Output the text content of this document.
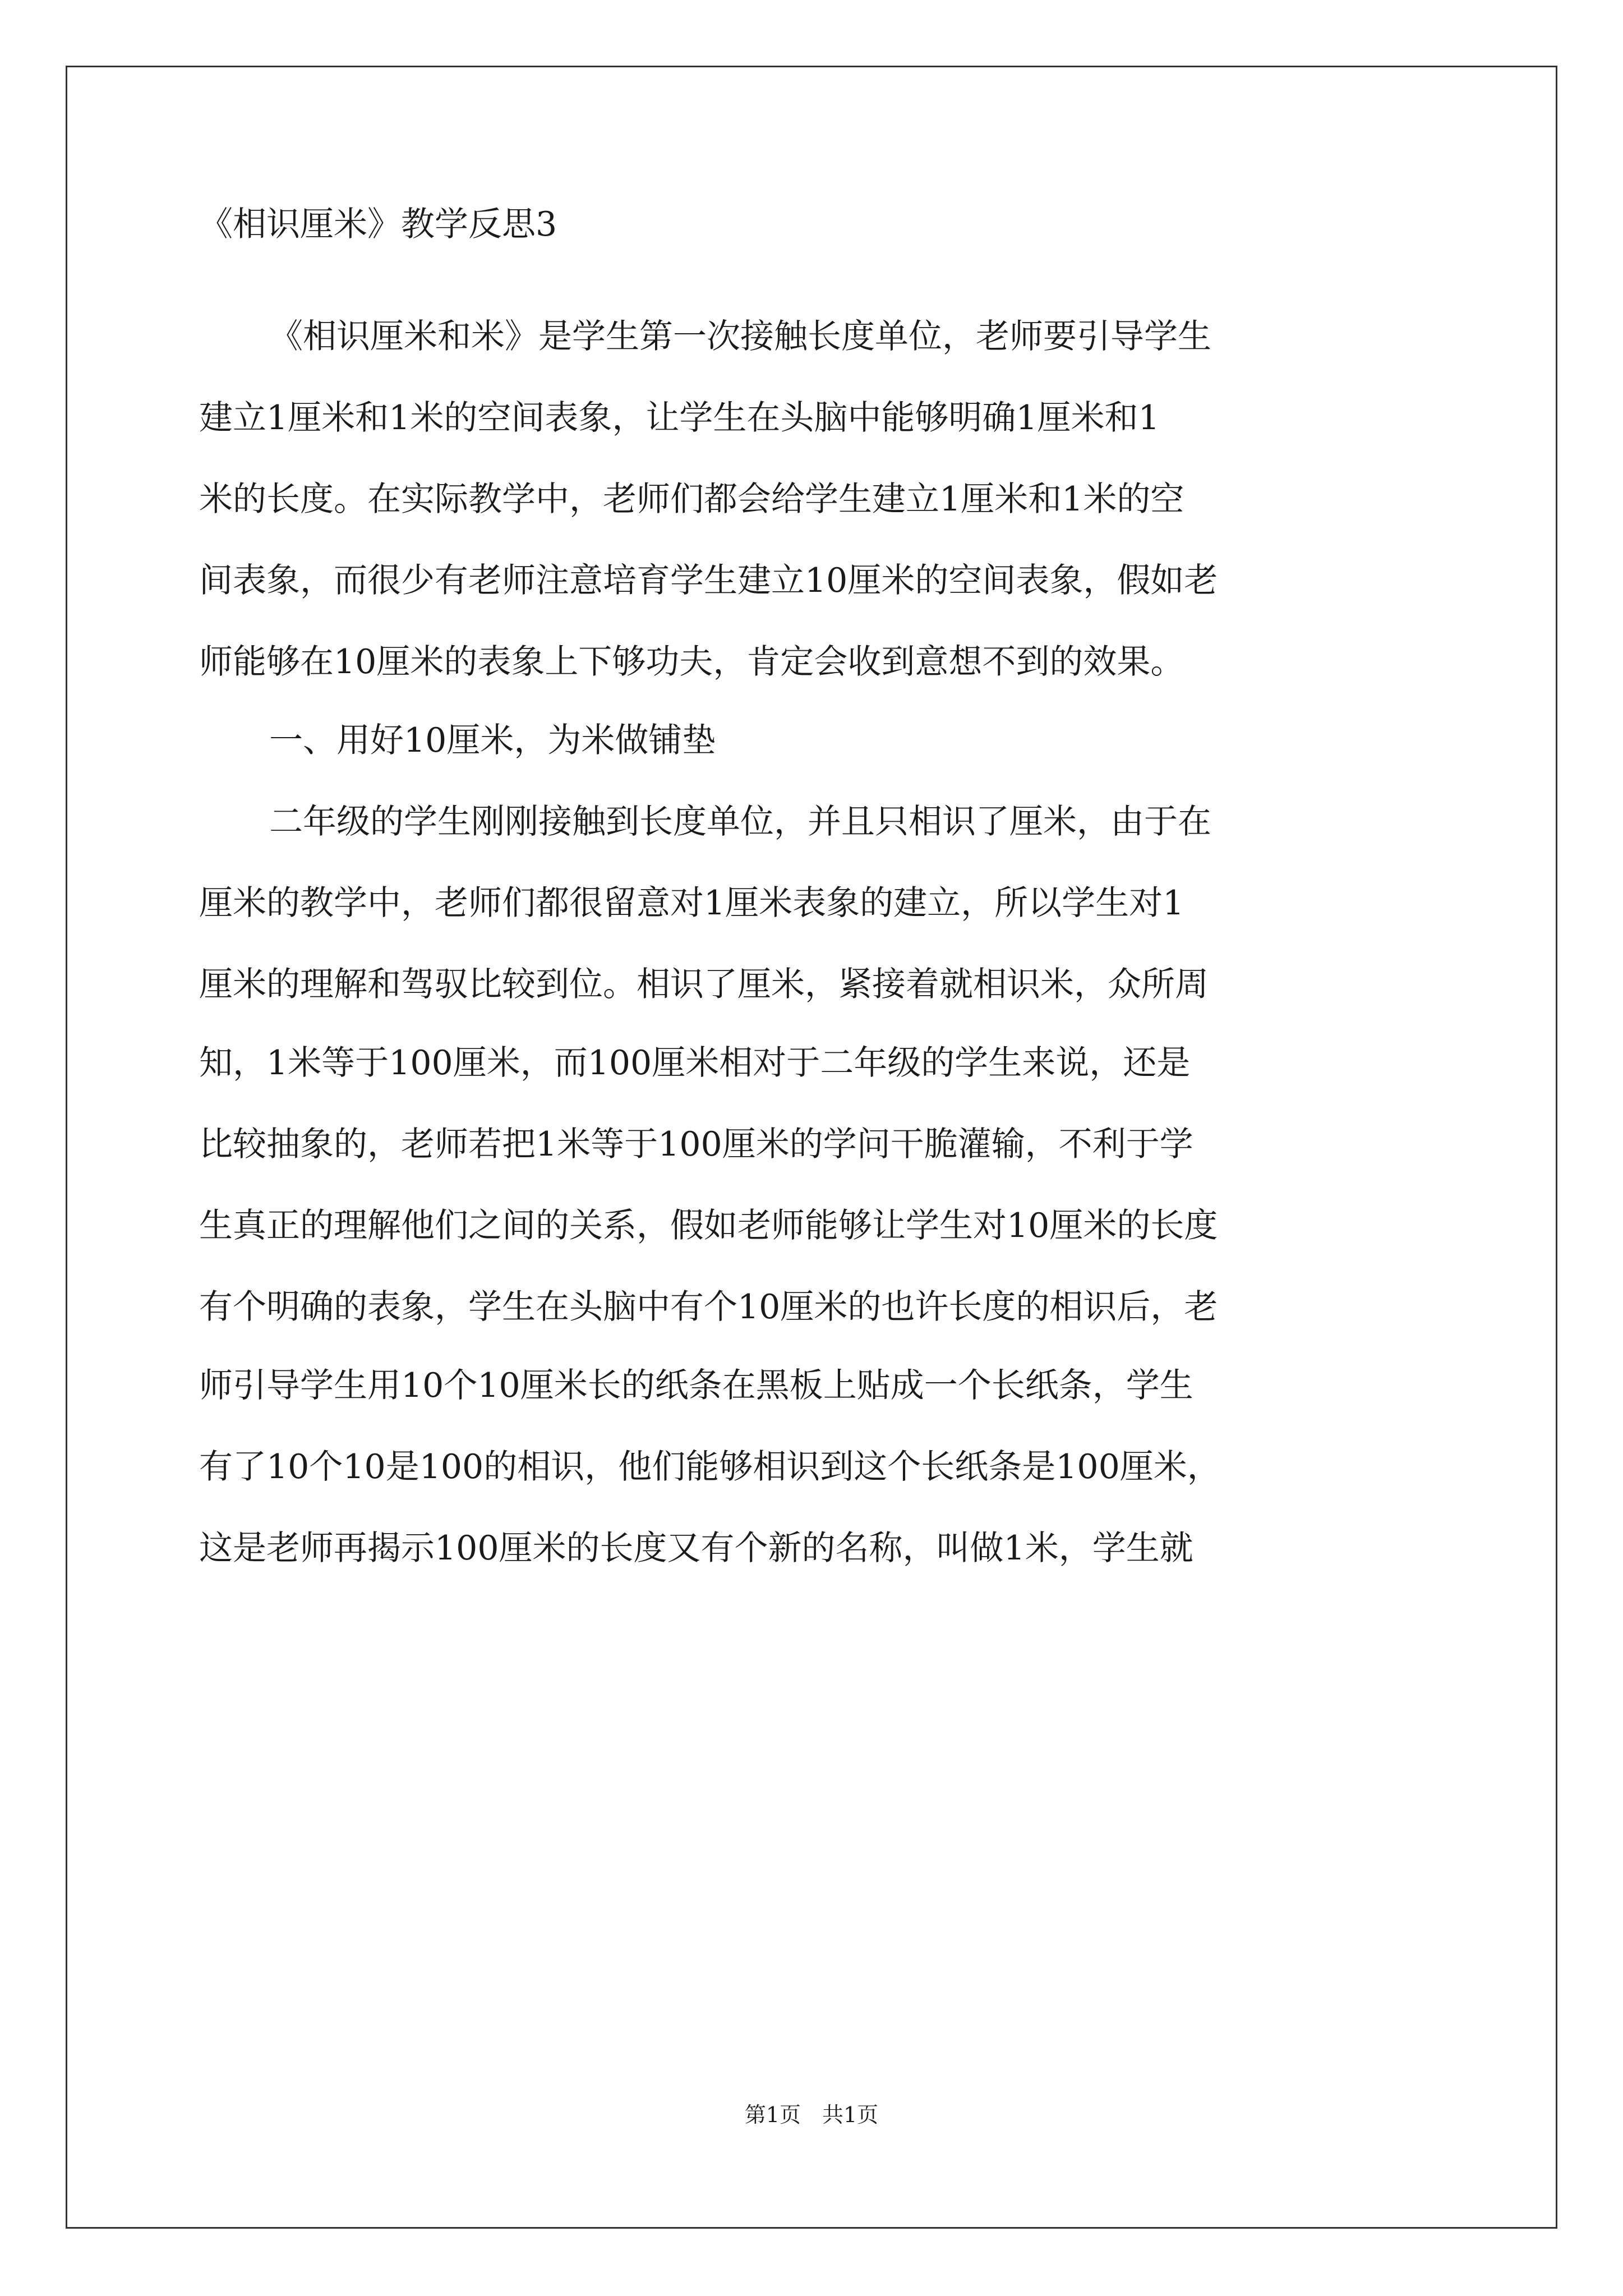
《相识厘米》教学反思3
《相识厘米和米》是学生第一次接触长度单位，老师要引导学生
建立1厘米和1米的空间表象，让学生在头脑中能够明确1厘米和1
米的长度。在实际教学中，老师们都会给学生建立1厘米和1米的空
间表象，而很少有老师注意培育学生建立10厘米的空间表象，假如老
师能够在10厘米的表象上下够功夫，肯定会收到意想不到的效果。
一、用好10厘米，为米做铺垫
二年级的学生刚刚接触到长度单位，并且只相识了厘米，由于在
厘米的教学中，老师们都很留意对1厘米表象的建立，所以学生对1
厘米的理解和驾驭比较到位。相识了厘米，紧接着就相识米，众所周
知，1米等于100厘米，而100厘米相对于二年级的学生来说，还是
比较抽象的，老师若把1米等于100厘米的学问干脆灌输，不利于学
生真正的理解他们之间的关系，假如老师能够让学生对10厘米的长度
有个明确的表象，学生在头脑中有个10厘米的也许长度的相识后，老
师引导学生用10个10厘米长的纸条在黑板上贴成一个长纸条，学生
有了10个10是100的相识，他们能够相识到这个长纸条是100厘米，
这是老师再揭示100厘米的长度又有个新的名称，叫做1米，学生就
第1页　共1页
